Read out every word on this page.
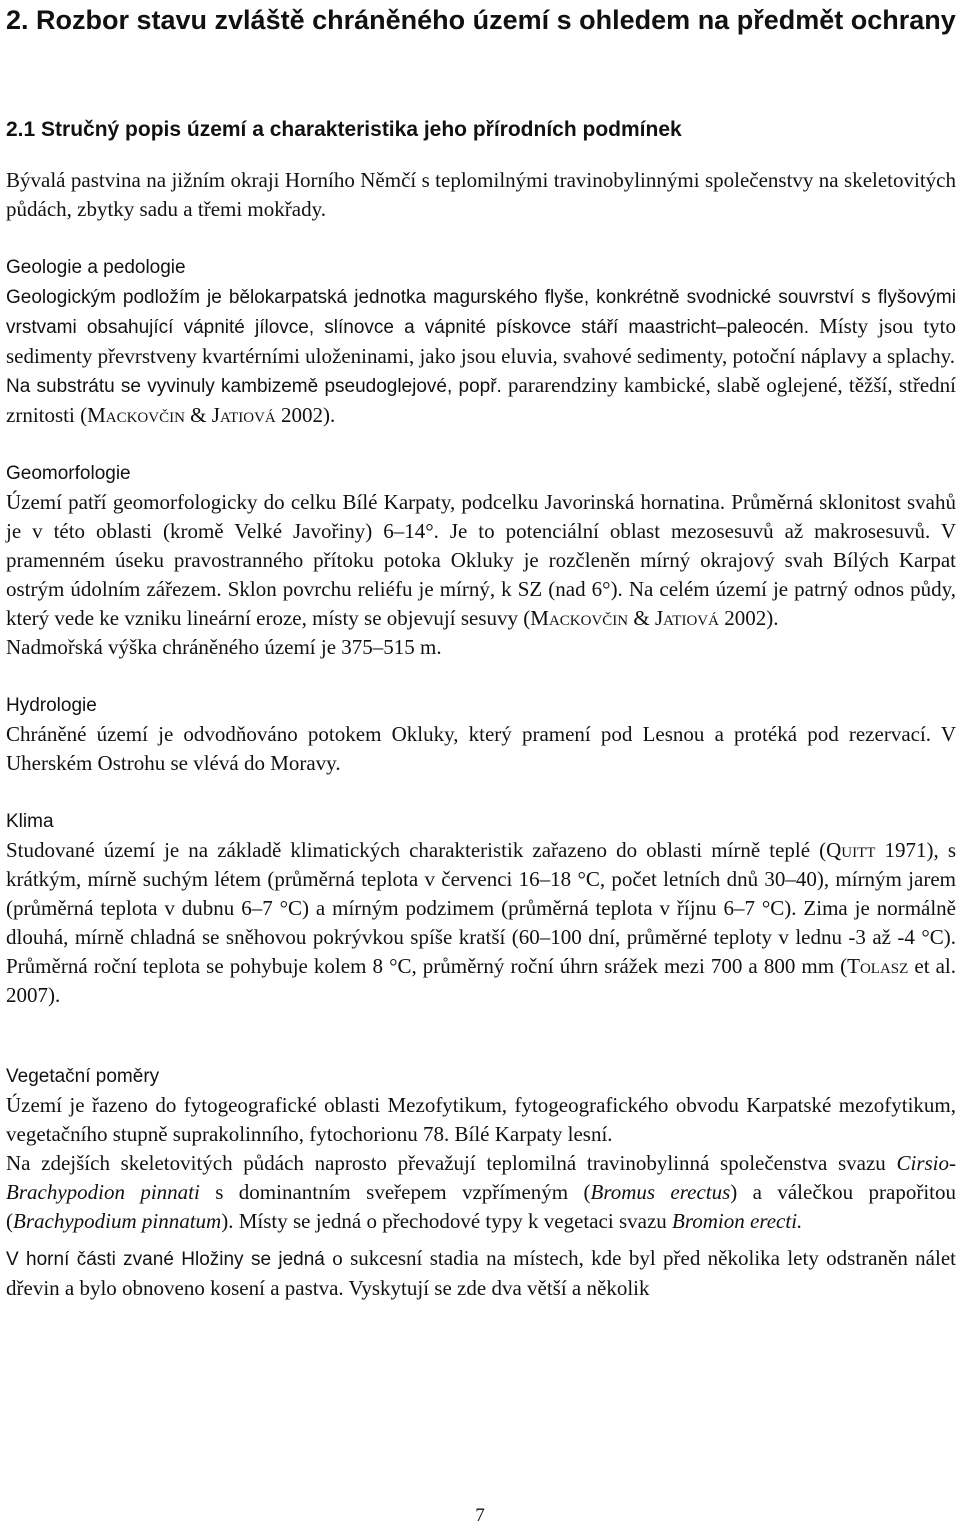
2. Rozbor stavu zvláště chráněného území s ohledem na předmět ochrany
2.1 Stručný popis území a charakteristika jeho přírodních podmínek

Bývalá pastvina na jižním okraji Horního Němčí s teplomilnými travinobylinnými společenstvy na skeletovitých půdách, zbytky sadu a třemi mokřady.

Geologie a pedologie

Geologickým podložím je bělokarpatská jednotka magurského flyše, konkrétně svodnické souvrství s flyšovými vrstvami obsahující vápnité jílovce, slínovce a vápnité pískovce stáří maastricht–paleocén. Místy jsou tyto sedimenty převrstveny kvartérními uloženinami, jako jsou eluvia, svahové sedimenty, potoční náplavy a splachy.

Na substrátu se vyvinuly kambizemě pseudoglejové, popř. pararendziny kambické, slabě oglejené, těžší, střední zrnitosti (Mackovčin & Jatiová 2002).

Geomorfologie

Území patří geomorfologicky do celku Bílé Karpaty, podcelku Javorinská hornatina. Průměrná sklonitost svahů je v této oblasti (kromě Velké Javořiny) 6–14°. Je to potenciální oblast mezosesuvů až makrosesuvů. V pramenném úseku pravostranného přítoku potoka Okluky je rozčleněn mírný okrajový svah Bílých Karpat ostrým údolním zářezem. Sklon povrchu reliéfu je mírný, k SZ (nad 6°). Na celém území je patrný odnos půdy, který vede ke vzniku lineární eroze, místy se objevují sesuvy (Mackovčin & Jatiová 2002).

Nadmořská výška chráněného území je 375–515 m.

Hydrologie

Chráněné území je odvodňováno potokem Okluky, který pramení pod Lesnou a protéká pod rezervací. V Uherském Ostrohu se vlévá do Moravy.

Klima

Studované území je na základě klimatických charakteristik zařazeno do oblasti mírně teplé (Quitt 1971), s krátkým, mírně suchým létem (průměrná teplota v červenci 16–18 °C, počet letních dnů 30–40), mírným jarem (průměrná teplota v dubnu 6–7 °C) a mírným podzimem (průměrná teplota v říjnu 6–7 °C). Zima je normálně dlouhá, mírně chladná se sněhovou pokrývkou spíše kratší (60–100 dní, průměrné teploty v lednu -3 až -4 °C). Průměrná roční teplota se pohybuje kolem 8 °C, průměrný roční úhrn srážek mezi 700 a 800 mm (Tolasz et al. 2007).

Vegetační poměry

Území je řazeno do fytogeografické oblasti Mezofytikum, fytogeografického obvodu Karpatské mezofytikum, vegetačního stupně suprakolinního, fytochorionu 78. Bílé Karpaty lesní.

Na zdejších skeletovitých půdách naprosto převažují teplomilná travinobylinná společenstva svazu Cirsio-Brachypodion pinnati s dominantním sveřepem vzpřímeným (Bromus erectus) a válečkou prapořitou (Brachypodium pinnatum). Místy se jedná o přechodové typy k vegetaci svazu Bromion erecti.

V horní části zvané Hložiny se jedná o sukcesní stadia na místech, kde byl před několika lety odstraněn nálet dřevin a bylo obnoveno kosení a pastva. Vyskytují se zde dva větší a několik

7
